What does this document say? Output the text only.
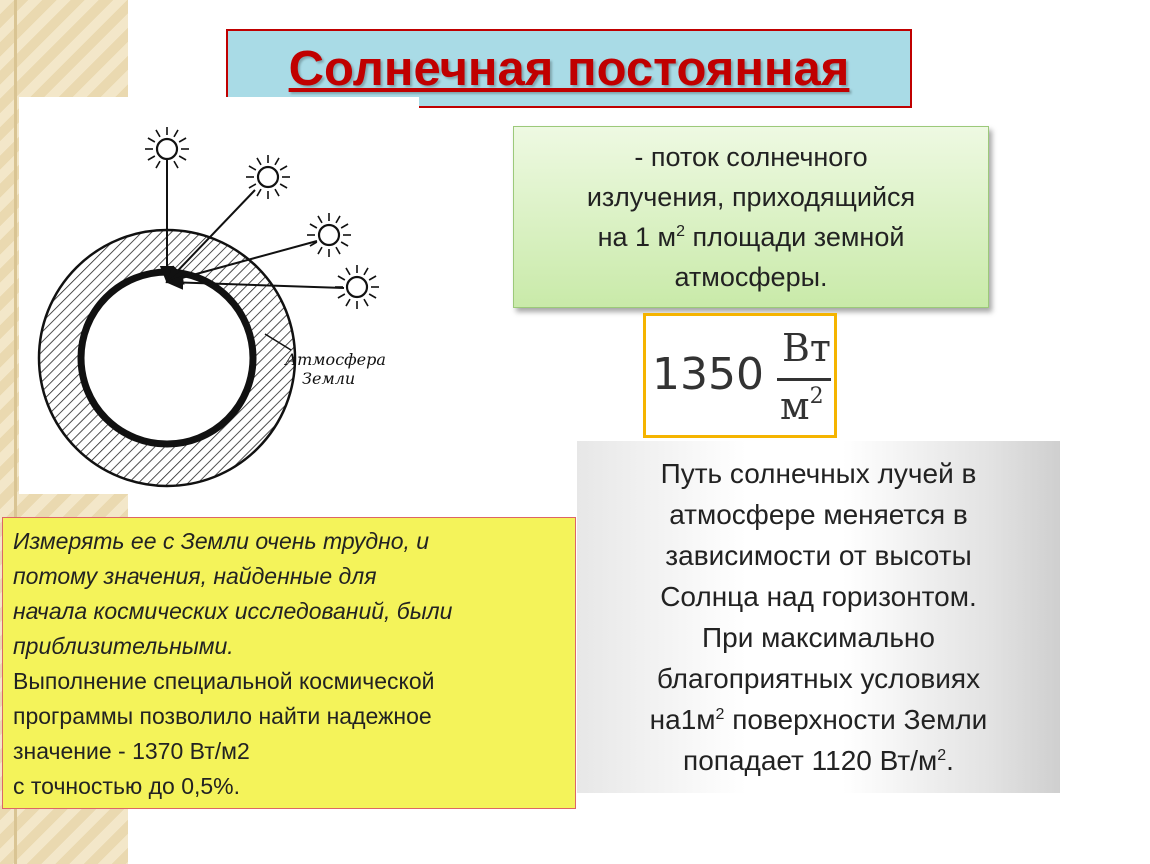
Солнечная постоянная
Атмосфера
Земли
- поток солнечного
излучения, приходящийся
на 1 $м^2$ площади земной
атмосферы.
1350
Вт
$м^2$
Путь солнечных лучей в
атмосфере меняется в
зависимости от высоты
Солнца над горизонтом.
При максимально
благоприятных условиях
$на1м^2$ поверхности Земли
попадает 1120 $Вт/м^2$.
Измерять ее с Земли очень трудно, и
потому значения, найденные для
начала космических исследований, были
приблизительными.
Выполнение специальной космической
программы позволило найти надежное
значение - 1370 Вт/м2
с точностью до 0,5%.
